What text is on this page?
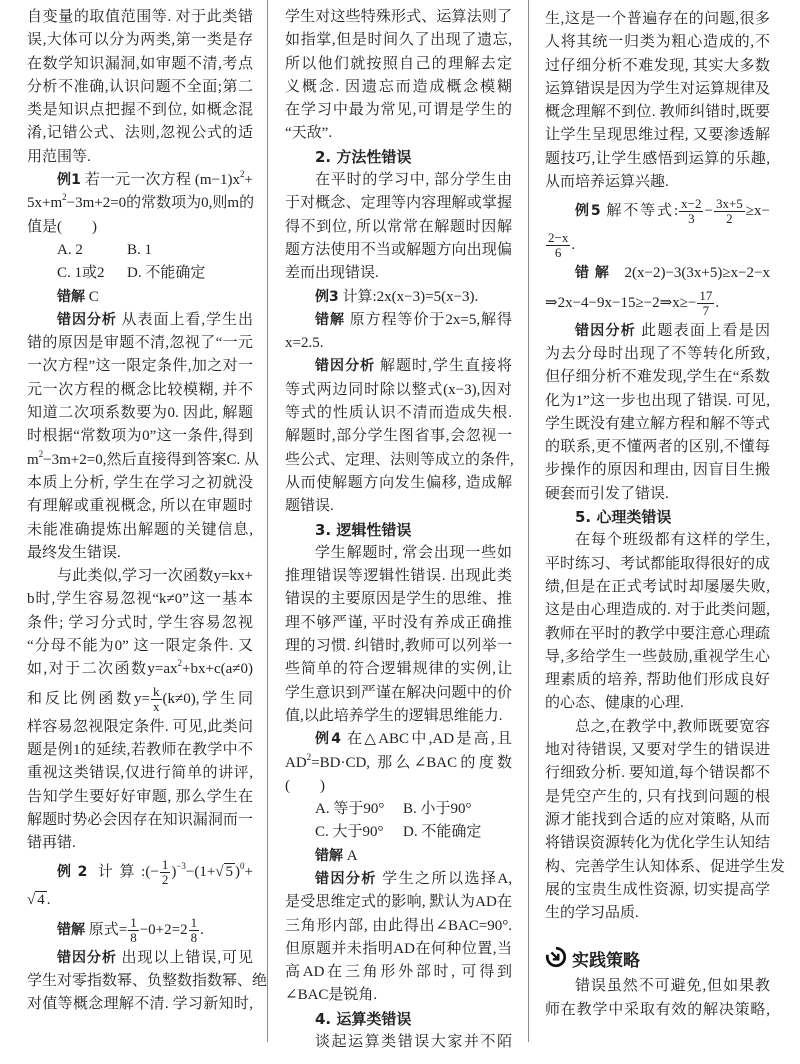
自变量的取值范围等. 对于此类错
误,大体可以分为两类,第一类是存
在数学知识漏洞,如审题不清,考点
分析不准确,认识问题不全面;第二
类是知识点把握不到位, 如概念混
淆,记错公式、法则,忽视公式的适
用范围等.
例1 若一元一次方程 $(m-1)x^2+$
$5x+m^2-3m+2=0$的常数项为0,则m的
值是(　　)
A. 2	B. 1
C. 1或2 D. 不能确定
错解 C
错因分析 从表面上看,学生出
错的原因是审题不清,忽视了“一元
一次方程”这一限定条件,加之对一
元一次方程的概念比较模糊, 并不
知道二次项系数要为0. 因此, 解题
时根据“常数项为0”这一条件,得到
$m^2-3m+2=0$,然后直接得到答案C. 从
本质上分析, 学生在学习之初就没
有理解或重视概念, 所以在审题时
未能准确提炼出解题的关键信息,
最终发生错误.
与此类似,学习一次函数y=kx+
b时,学生容易忽视“k≠0”这一基本
条件; 学习分式时, 学生容易忽视
“分母不能为0” 这一限定条件. 又
如,对于二次函数$y=ax^2+bx+c(a\ne 0)$
和反比例函数$y= \frac{k}{x} (k\ne 0)$,学生同
样容易忽视限定条件. 可见,此类问
题是例1的延续,若教师在教学中不
重视这类错误,仅进行简单的讲评,
告知学生要好好审题, 那么学生在
解题时势必会因存在知识漏洞而一
错再错.
例2 计算:(− $\frac{1}{2} )^{-3}-(1+√$ 5 )$^0$+
√ 4 .
错解 原式= $\frac{1}{8} -0+2=2 \frac{1}{8}$ .
错因分析 出现以上错误,可见
学生对零指数幂、负整数指数幂、绝
对值等概念理解不清. 学习新知时,
学生对这些特殊形式、运算法则了
如指掌,但是时间久了出现了遗忘,
所以他们就按照自己的理解去定
义概念. 因遗忘而造成概念模糊
在学习中最为常见,可谓是学生的
“天敌”.
2. 方法性错误
在平时的学习中, 部分学生由
于对概念、定理等内容理解或掌握
得不到位, 所以常常在解题时因解
题方法使用不当或解题方向出现偏
差而出现错误.
例3 计算:2x(x−3)=5(x−3).
错解 原方程等价于2x=5,解得
x=2.5.
错因分析 解题时,学生直接将
等式两边同时除以整式(x−3),因对
等式的性质认识不清而造成失根.
解题时,部分学生图省事,会忽视一
些公式、定理、法则等成立的条件,
从而使解题方向发生偏移, 造成解
题错误.
3. 逻辑性错误
学生解题时, 常会出现一些如
推理错误等逻辑性错误. 出现此类
错误的主要原因是学生的思维、推
理不够严谨, 平时没有养成正确推
理的习惯. 纠错时,教师可以列举一
些简单的符合逻辑规律的实例,让
学生意识到严谨在解决问题中的价
值,以此培养学生的逻辑思维能力.
例4 在△ABC中,AD是高,且
$AD^2=BD\cdot CD$, 那么∠BAC的度数
(　　)
A. 等于90° B. 小于90°
C. 大于90° D. 不能确定
错解 A
错因分析 学生之所以选择A,
是受思维定式的影响, 默认为AD在
三角形内部, 由此得出∠BAC=90°.
但原题并未指明AD在何种位置,当
高AD在三角形外部时, 可得到
∠BAC是锐角.
4. 运算类错误
谈起运算类错误大家并不陌
生,这是一个普遍存在的问题,很多
人将其统一归类为粗心造成的,不
过仔细分析不难发现, 其实大多数
运算错误是因为学生对运算规律及
概念理解不到位. 教师纠错时,既要
让学生呈现思维过程, 又要渗透解
题技巧,让学生感悟到运算的乐趣,
从而培养运算兴趣.
例5 解不等式: $\frac{x-2}{3} - \frac{3x+5}{2} \ge x-$
$\frac{2-x}{6}$ .
错解 2(x−2)−3(3x+5)≥x−2−x
⇒2x−4−9x−15≥−2⇒x≥− $\frac{17}{7}$ .
错因分析 此题表面上看是因
为去分母时出现了不等转化所致,
但仔细分析不难发现,学生在“系数
化为1”这一步也出现了错误. 可见,
学生既没有建立解方程和解不等式
的联系,更不懂两者的区别,不懂每
步操作的原因和理由, 因盲目生搬
硬套而引发了错误.
5. 心理类错误
在每个班级都有这样的学生,
平时练习、考试都能取得很好的成
绩,但是在正式考试时却屡屡失败,
这是由心理造成的. 对于此类问题,
教师在平时的教学中要注意心理疏
导,多给学生一些鼓励,重视学生心
理素质的培养, 帮助他们形成良好
的心态、健康的心理.
总之,在教学中,教师既要宽容
地对待错误, 又要对学生的错误进
行细致分析. 要知道,每个错误都不
是凭空产生的, 只有找到问题的根
源才能找到合适的应对策略, 从而
将错误资源转化为优化学生认知结
构、完善学生认知体系、促进学生发
展的宝贵生成性资源, 切实提高学
生的学习品质.
实践策略
错误虽然不可避免,但如果教
师在教学中采取有效的解决策略,
